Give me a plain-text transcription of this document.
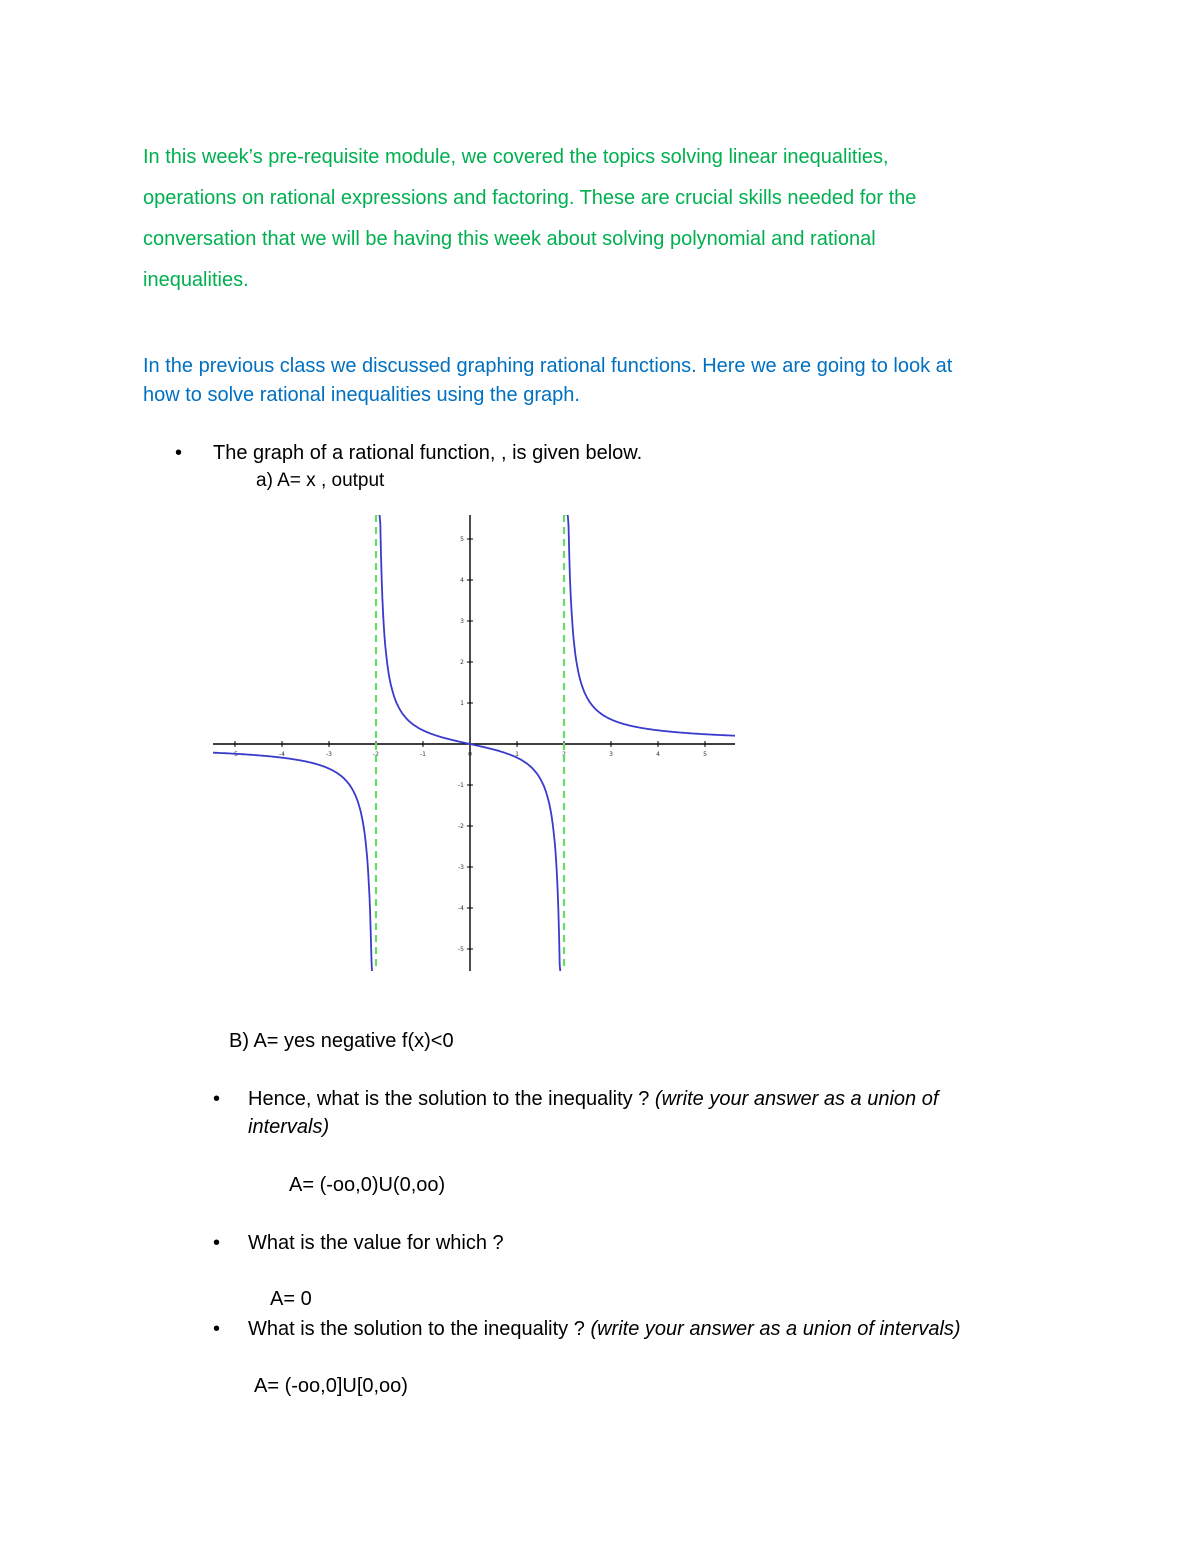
In this week’s pre-requisite module, we covered the topics solving linear inequalities,
operations on rational expressions and factoring. These are crucial skills needed for the
conversation that we will be having this week about solving polynomial and rational
inequalities.
In the previous class we discussed graphing rational functions. Here we are going to look at
how to solve rational inequalities using the graph.
• The graph of a rational function, , is given below.
a) A= x , output
-5	-4	-3	-2	-1	0	1	2	3	4	5
-5
-4
-3
-2
-1
1
2
3
4
5
B) A= yes negative f(x)<0
• Hence, what is the solution to the inequality ? (write your answer as a union of
intervals)
A= (-oo,0)U(0,oo)
• What is the value for which ?
A= 0
• What is the solution to the inequality ? (write your answer as a union of intervals)
A= (-oo,0]U[0,oo)
